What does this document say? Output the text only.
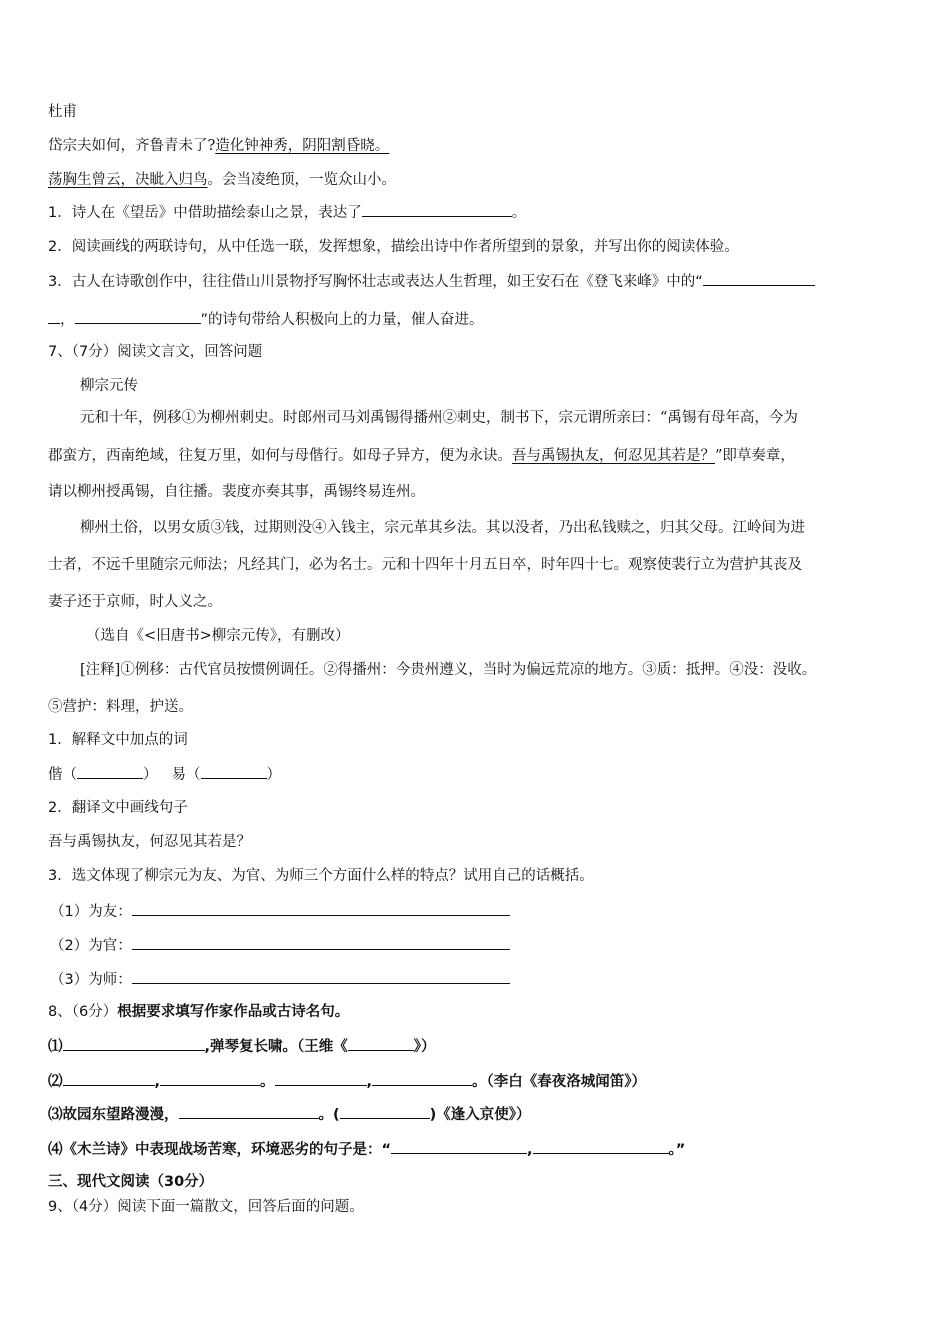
杜甫
岱宗夫如何，齐鲁青未了?造化钟神秀，阴阳割昏晓。
荡胸生曾云，决眦入归鸟。会当凌绝顶，一览众山小。
1．诗人在《望岳》中借助描绘泰山之景，表达了	。
2．阅读画线的两联诗句，从中任选一联，发挥想象，描绘出诗中作者所望到的景象，并写出你的阅读体验。
3．古人在诗歌创作中，往往借山川景物抒写胸怀壮志或表达人生哲理，如王安石在《登飞来峰》中的“
，	”的诗句带给人积极向上的力量，催人奋进。
7、（7分）阅读文言文，回答问题
柳宗元传
元和十年，例移①为柳州刺史。时郎州司马刘禹锡得播州②刺史，制书下，宗元谓所亲曰：“禹锡有母年高，今为
郡蛮方，西南绝域，往复万里，如何与母偕行。如母子异方，便为永诀。吾与禹锡执友，何忍见其若是？”即草奏章，
请以柳州授禹锡，自往播。裴度亦奏其事，禹锡终易连州。
柳州土俗，以男女质③钱，过期则没④入钱主，宗元革其乡法。其以没者，乃出私钱赎之，归其父母。江岭间为进
士者，不远千里随宗元师法；凡经其门，必为名士。元和十四年十月五日卒，时年四十七。观察使裴行立为营护其丧及
妻子还于京师，时人义之。
（选自《<旧唐书>柳宗元传》，有删改）
[注释]①例移：古代官员按惯例调任。②得播州：今贵州遵义，当时为偏远荒凉的地方。③质：抵押。④没：没收。
⑤营护：料理，护送。
1．解释文中加点的词
偕（	） 易（	）
2．翻译文中画线句子
吾与禹锡执友，何忍见其若是？
3．选文体现了柳宗元为友、为官、为师三个方面什么样的特点？试用自己的话概括。
（1）为友：
（2）为官：
（3）为师：
8、（6分）根据要求填写作家作品或古诗名句。
⑴	,弹琴复长啸。（王维《	》）
⑵	,	。	,	。（李白《春夜洛城闻笛》）
⑶故园东望路漫漫，	。(	)《逢入京使》）
⑷《木兰诗》中表现战场苦寒，环境恶劣的句子是：“	,	。”
三、现代文阅读（30分）
9、（4分）阅读下面一篇散文，回答后面的问题。
